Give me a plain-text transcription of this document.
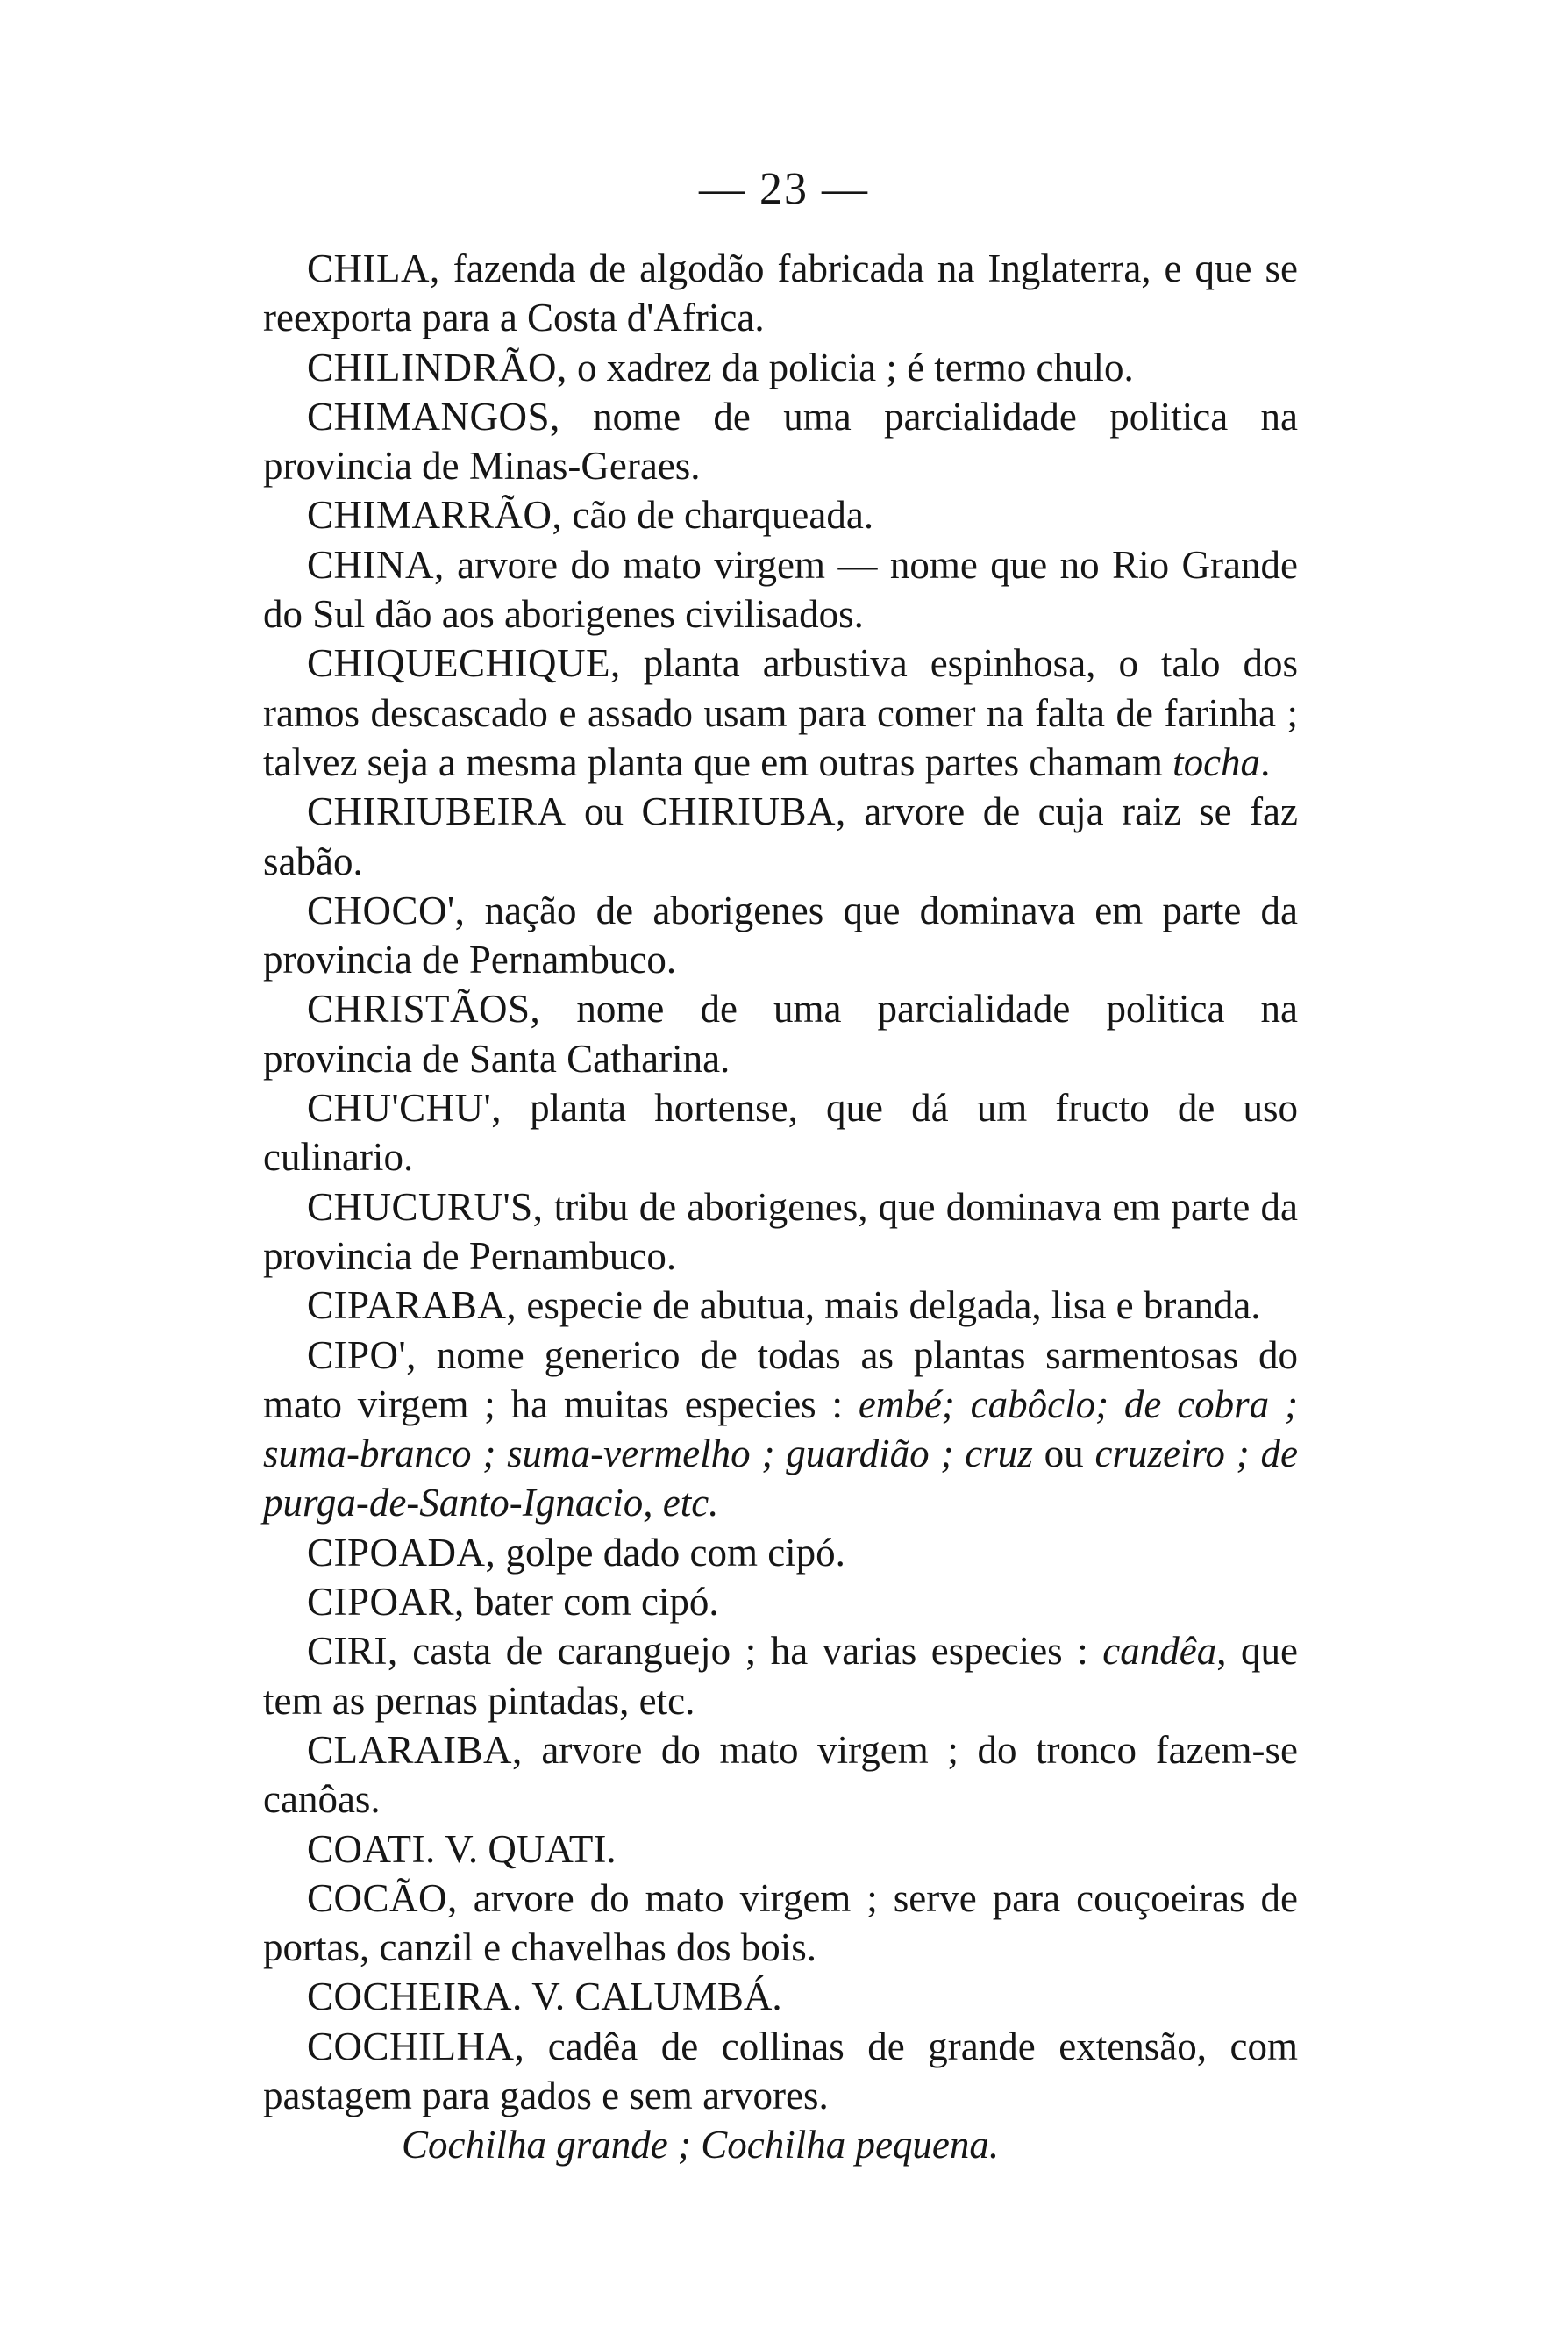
— 23 —

CHILA, fazenda de algodão fabricada na Inglaterra, e que se reexporta para a Costa d'Africa.

CHILINDRÃO, o xadrez da policia ; é termo chulo.

CHIMANGOS, nome de uma parcialidade politica na provincia de Minas-Geraes.

CHIMARRÃO, cão de charqueada.

CHINA, arvore do mato virgem — nome que no Rio Grande do Sul dão aos aborigenes civilisados.

CHIQUECHIQUE, planta arbustiva espinhosa, o talo dos ramos descascado e assado usam para comer na falta de farinha ; talvez seja a mesma planta que em outras partes chamam tocha.

CHIRIUBEIRA ou CHIRIUBA, arvore de cuja raiz se faz sabão.

CHOCO', nação de aborigenes que dominava em parte da provincia de Pernambuco.

CHRISTÃOS, nome de uma parcialidade politica na provincia de Santa Catharina.

CHU'CHU', planta hortense, que dá um fructo de uso culinario.

CHUCURU'S, tribu de aborigenes, que dominava em parte da provincia de Pernambuco.

CIPARABA, especie de abutua, mais delgada, lisa e branda.

CIPO', nome generico de todas as plantas sarmentosas do mato virgem ; ha muitas especies : embé; cabôclo; de cobra ; suma-branco ; suma-vermelho ; guardião ; cruz ou cruzeiro ; de purga-de-Santo-Ignacio, etc.

CIPOADA, golpe dado com cipó.

CIPOAR, bater com cipó.

CIRI, casta de caranguejo ; ha varias especies : candêa, que tem as pernas pintadas, etc.

CLARAIBA, arvore do mato virgem ; do tronco fazem-se canôas.

COATI. V. QUATI.

COCÃO, arvore do mato virgem ; serve para couçoeiras de portas, canzil e chavelhas dos bois.

COCHEIRA. V. CALUMBÁ.

COCHILHA, cadêa de collinas de grande extensão, com pastagem para gados e sem arvores.

Cochilha grande ; Cochilha pequena.
